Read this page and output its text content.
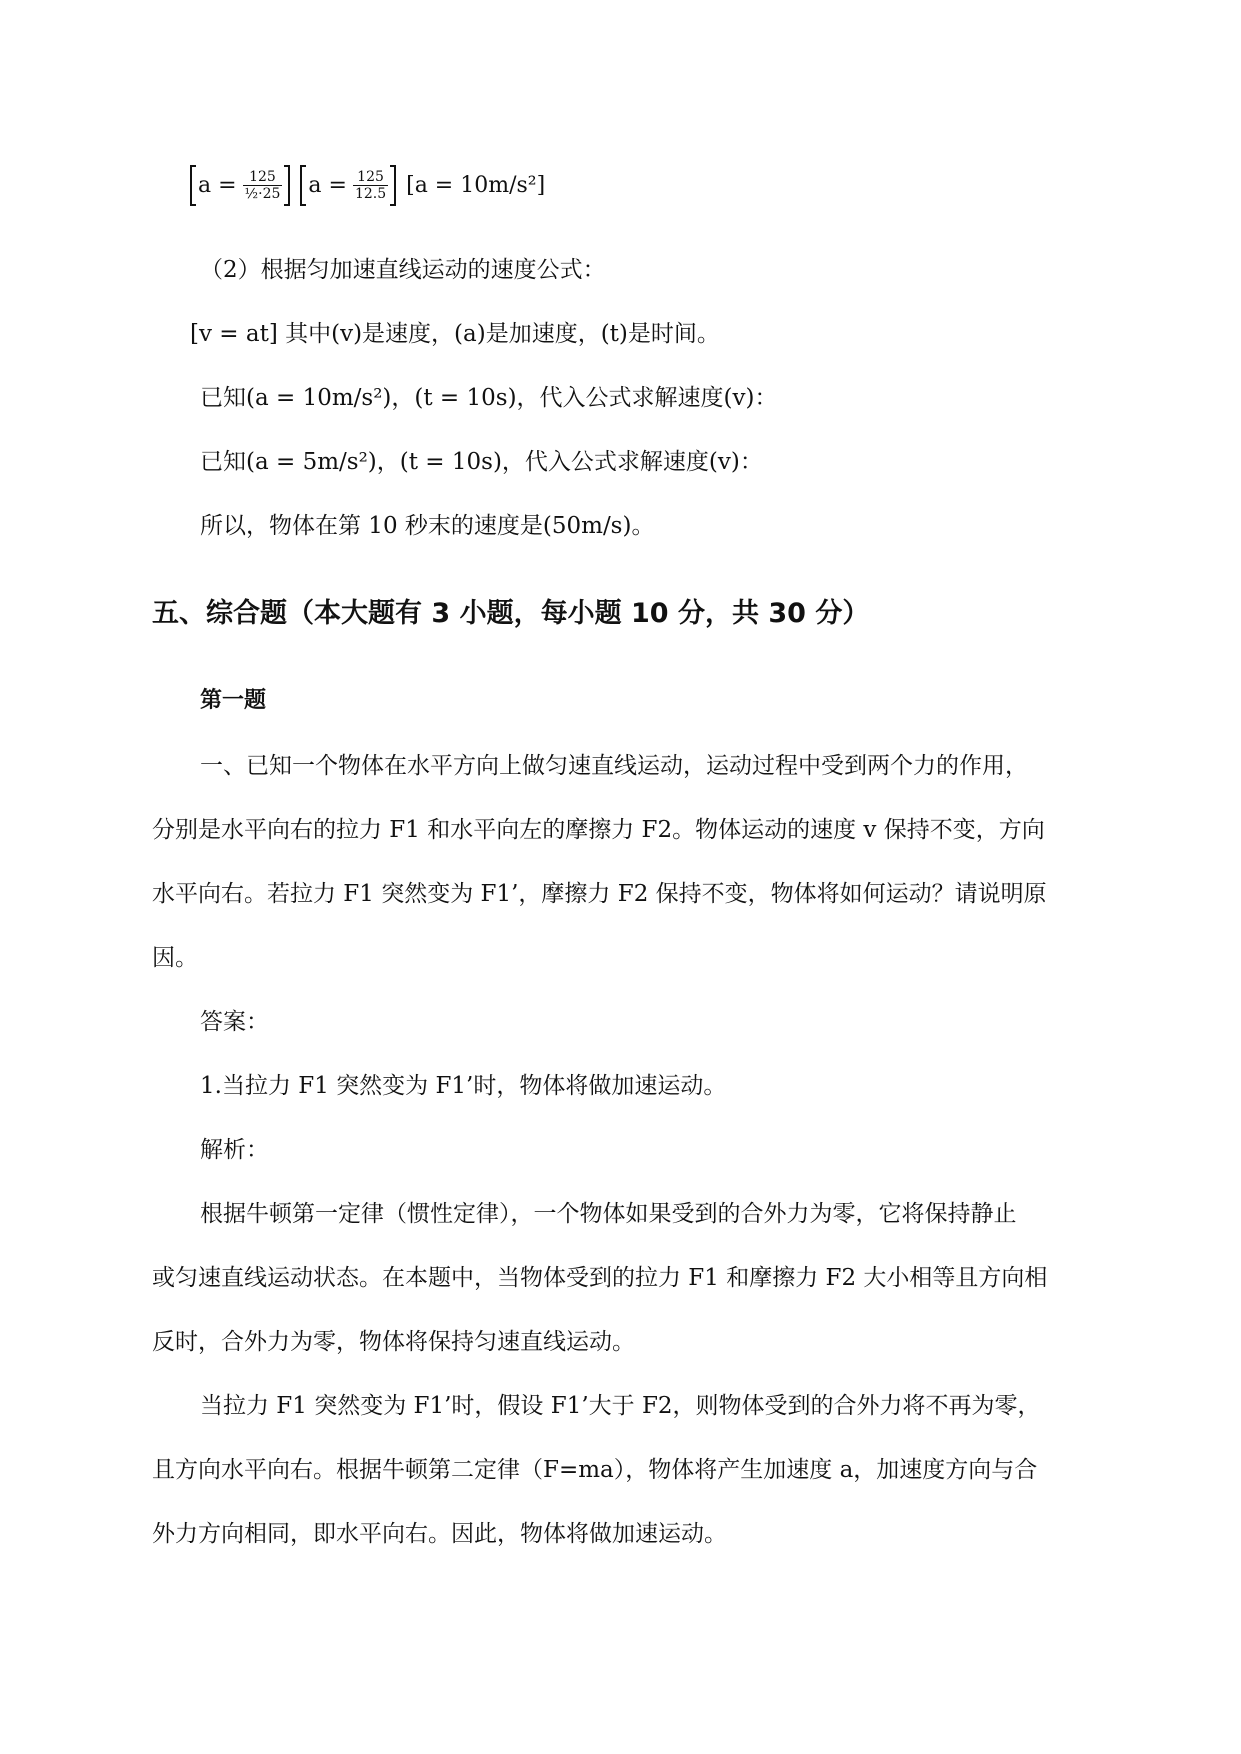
$a = \frac{125}{\text{½·25}}$ $a = \frac{125}{12.5} [a = 10m/s^2]$
（2）根据匀加速直线运动的速度公式：
[v = at] 其中(v)是速度，(a)是加速度，(t)是时间。
已知(a = 10m/s²)，(t = 10s)，代入公式求解速度(v)：
已知(a = 5m/s²)，(t = 10s)，代入公式求解速度(v)：
所以，物体在第 10 秒末的速度是(50m/s)。
五、综合题（本大题有 3 小题，每小题 10 分，共 30 分）
第一题
一、已知一个物体在水平方向上做匀速直线运动，运动过程中受到两个力的作用，
分别是水平向右的拉力 F1 和水平向左的摩擦力 F2。物体运动的速度 v 保持不变，方向
水平向右。若拉力 F1 突然变为 F1’，摩擦力 F2 保持不变，物体将如何运动？请说明原
因。
答案：
1.当拉力 F1 突然变为 F1’时，物体将做加速运动。
解析：
根据牛顿第一定律（惯性定律），一个物体如果受到的合外力为零，它将保持静止
或匀速直线运动状态。在本题中，当物体受到的拉力 F1 和摩擦力 F2 大小相等且方向相
反时，合外力为零，物体将保持匀速直线运动。
当拉力 F1 突然变为 F1’时，假设 F1’大于 F2，则物体受到的合外力将不再为零，
且方向水平向右。根据牛顿第二定律（F=ma），物体将产生加速度 a，加速度方向与合
外力方向相同，即水平向右。因此，物体将做加速运动。
